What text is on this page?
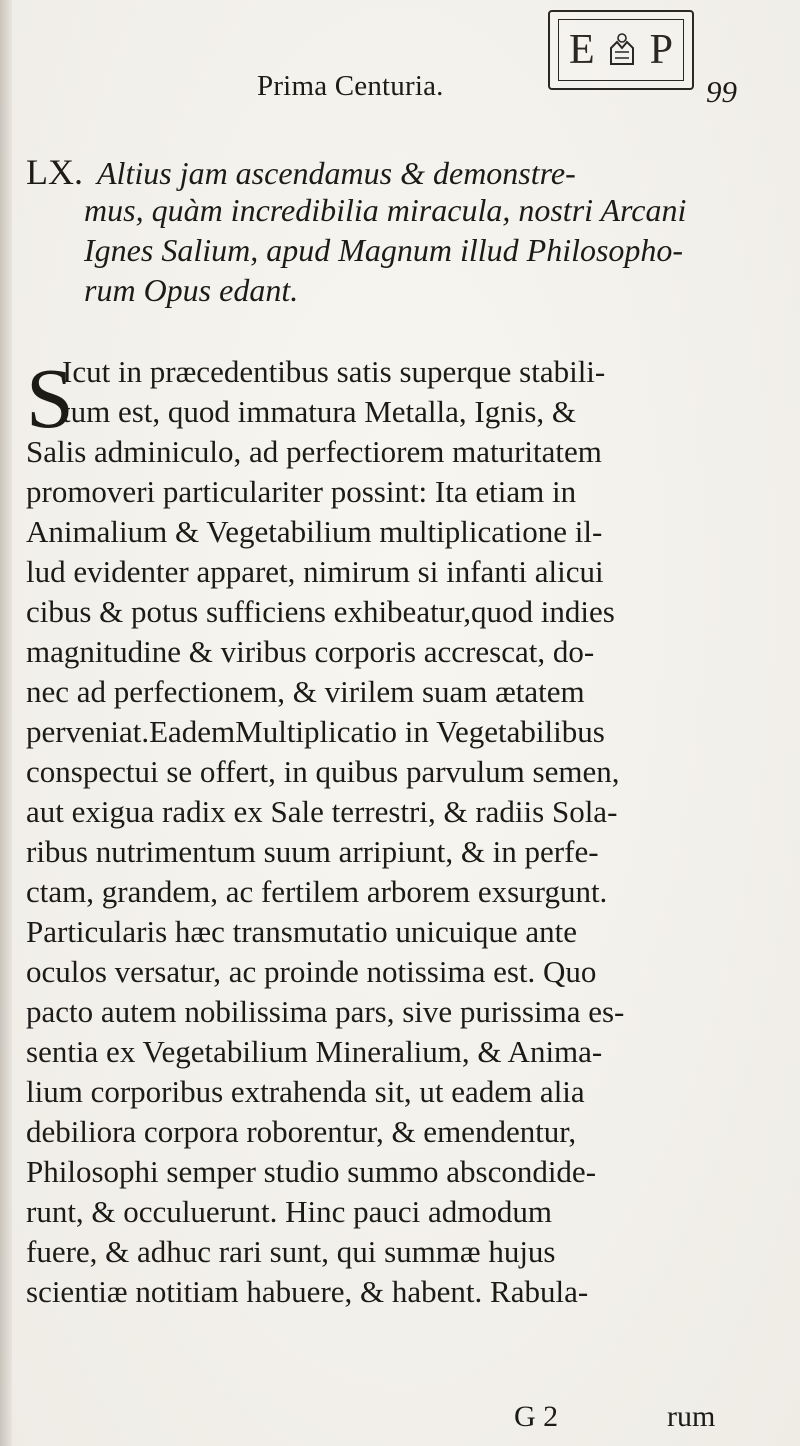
Prima Centuria.
E P
99
LX. Altius jam ascendamus & demonstre-
mus, quàm incredibilia miracula, nostri Arcani
Ignes Salium, apud Magnum illud Philosopho-
rum Opus edant.
S
Icut in præcedentibus satis superque stabili-
tum est, quod immatura Metalla, Ignis, &
Salis adminiculo, ad perfectiorem maturitatem
promoveri particulariter possint: Ita etiam in
Animalium & Vegetabilium multiplicatione il-
lud evidenter apparet, nimirum si infanti alicui
cibus & potus sufficiens exhibeatur,quod indies
magnitudine & viribus corporis accrescat, do-
nec ad perfectionem, & virilem suam ætatem
perveniat.EademMultiplicatio in Vegetabilibus
conspectui se offert, in quibus parvulum semen,
aut exigua radix ex Sale terrestri, & radiis Sola-
ribus nutrimentum suum arripiunt, & in perfe-
ctam, grandem, ac fertilem arborem exsurgunt.
Particularis hæc transmutatio unicuique ante
oculos versatur, ac proinde notissima est. Quo
pacto autem nobilissima pars, sive purissima es-
sentia ex Vegetabilium Mineralium, & Anima-
lium corporibus extrahenda sit, ut eadem alia
debiliora corpora roborentur, & emendentur,
Philosophi semper studio summo abscondide-
runt, & occuluerunt. Hinc pauci admodum
fuere, & adhuc rari sunt, qui summæ hujus
scientiæ notitiam habuere, & habent. Rabula-
G 2	rum
